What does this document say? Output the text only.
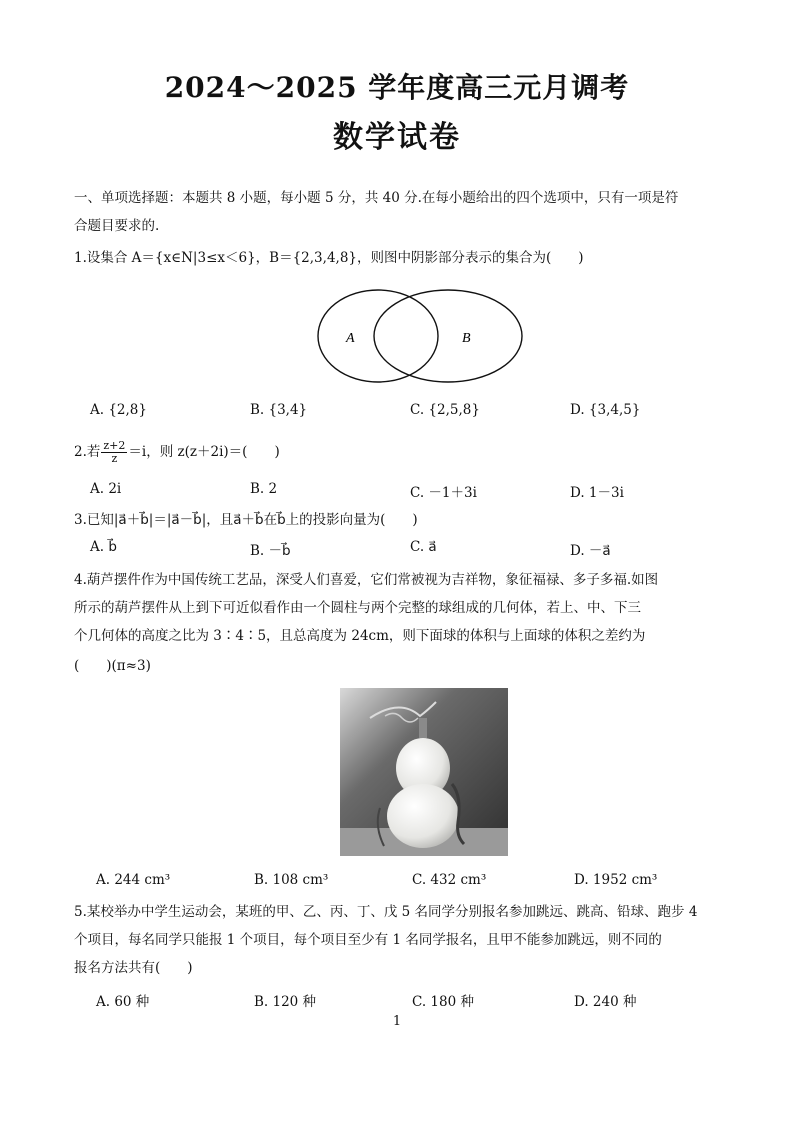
2024～2025 学年度高三元月调考
数学试卷
一、单项选择题：本题共 8 小题，每小题 5 分，共 40 分.在每小题给出的四个选项中，只有一项是符
合题目要求的.
1.设集合 A＝{x∈N|3≤x＜6}，B＝{2,3,4,8}，则图中阴影部分表示的集合为(　　)
A	B
A. {2,8}	B. {3,4}	C. {2,5,8}	D. {3,4,5}
2.若 $\frac{z+2}{z} =i$，则 z(z＋2i)＝(　　)
A. 2i	B. 2	C. －1＋3i	D. 1－3i
3.已知|a⃗＋b⃗|＝|a⃗－b⃗|，且a⃗＋b⃗在b⃗上的投影向量为(　　)
A. b⃗	B. －b⃗	C. a⃗	D. －a⃗
4.葫芦摆件作为中国传统工艺品，深受人们喜爱，它们常被视为吉祥物，象征福禄、多子多福.如图
所示的葫芦摆件从上到下可近似看作由一个圆柱与两个完整的球组成的几何体，若上、中、下三
个几何体的高度之比为 3∶4∶5，且总高度为 24cm，则下面球的体积与上面球的体积之差约为
(　　)(π≈3)
A. 244 cm³	B. 108 cm³	C. 432 cm³	D. 1952 cm³
5.某校举办中学生运动会，某班的甲、乙、丙、丁、戊 5 名同学分别报名参加跳远、跳高、铅球、跑步 4
个项目，每名同学只能报 1 个项目，每个项目至少有 1 名同学报名，且甲不能参加跳远，则不同的
报名方法共有(　　)
A. 60 种	B. 120 种	C. 180 种	D. 240 种
1
